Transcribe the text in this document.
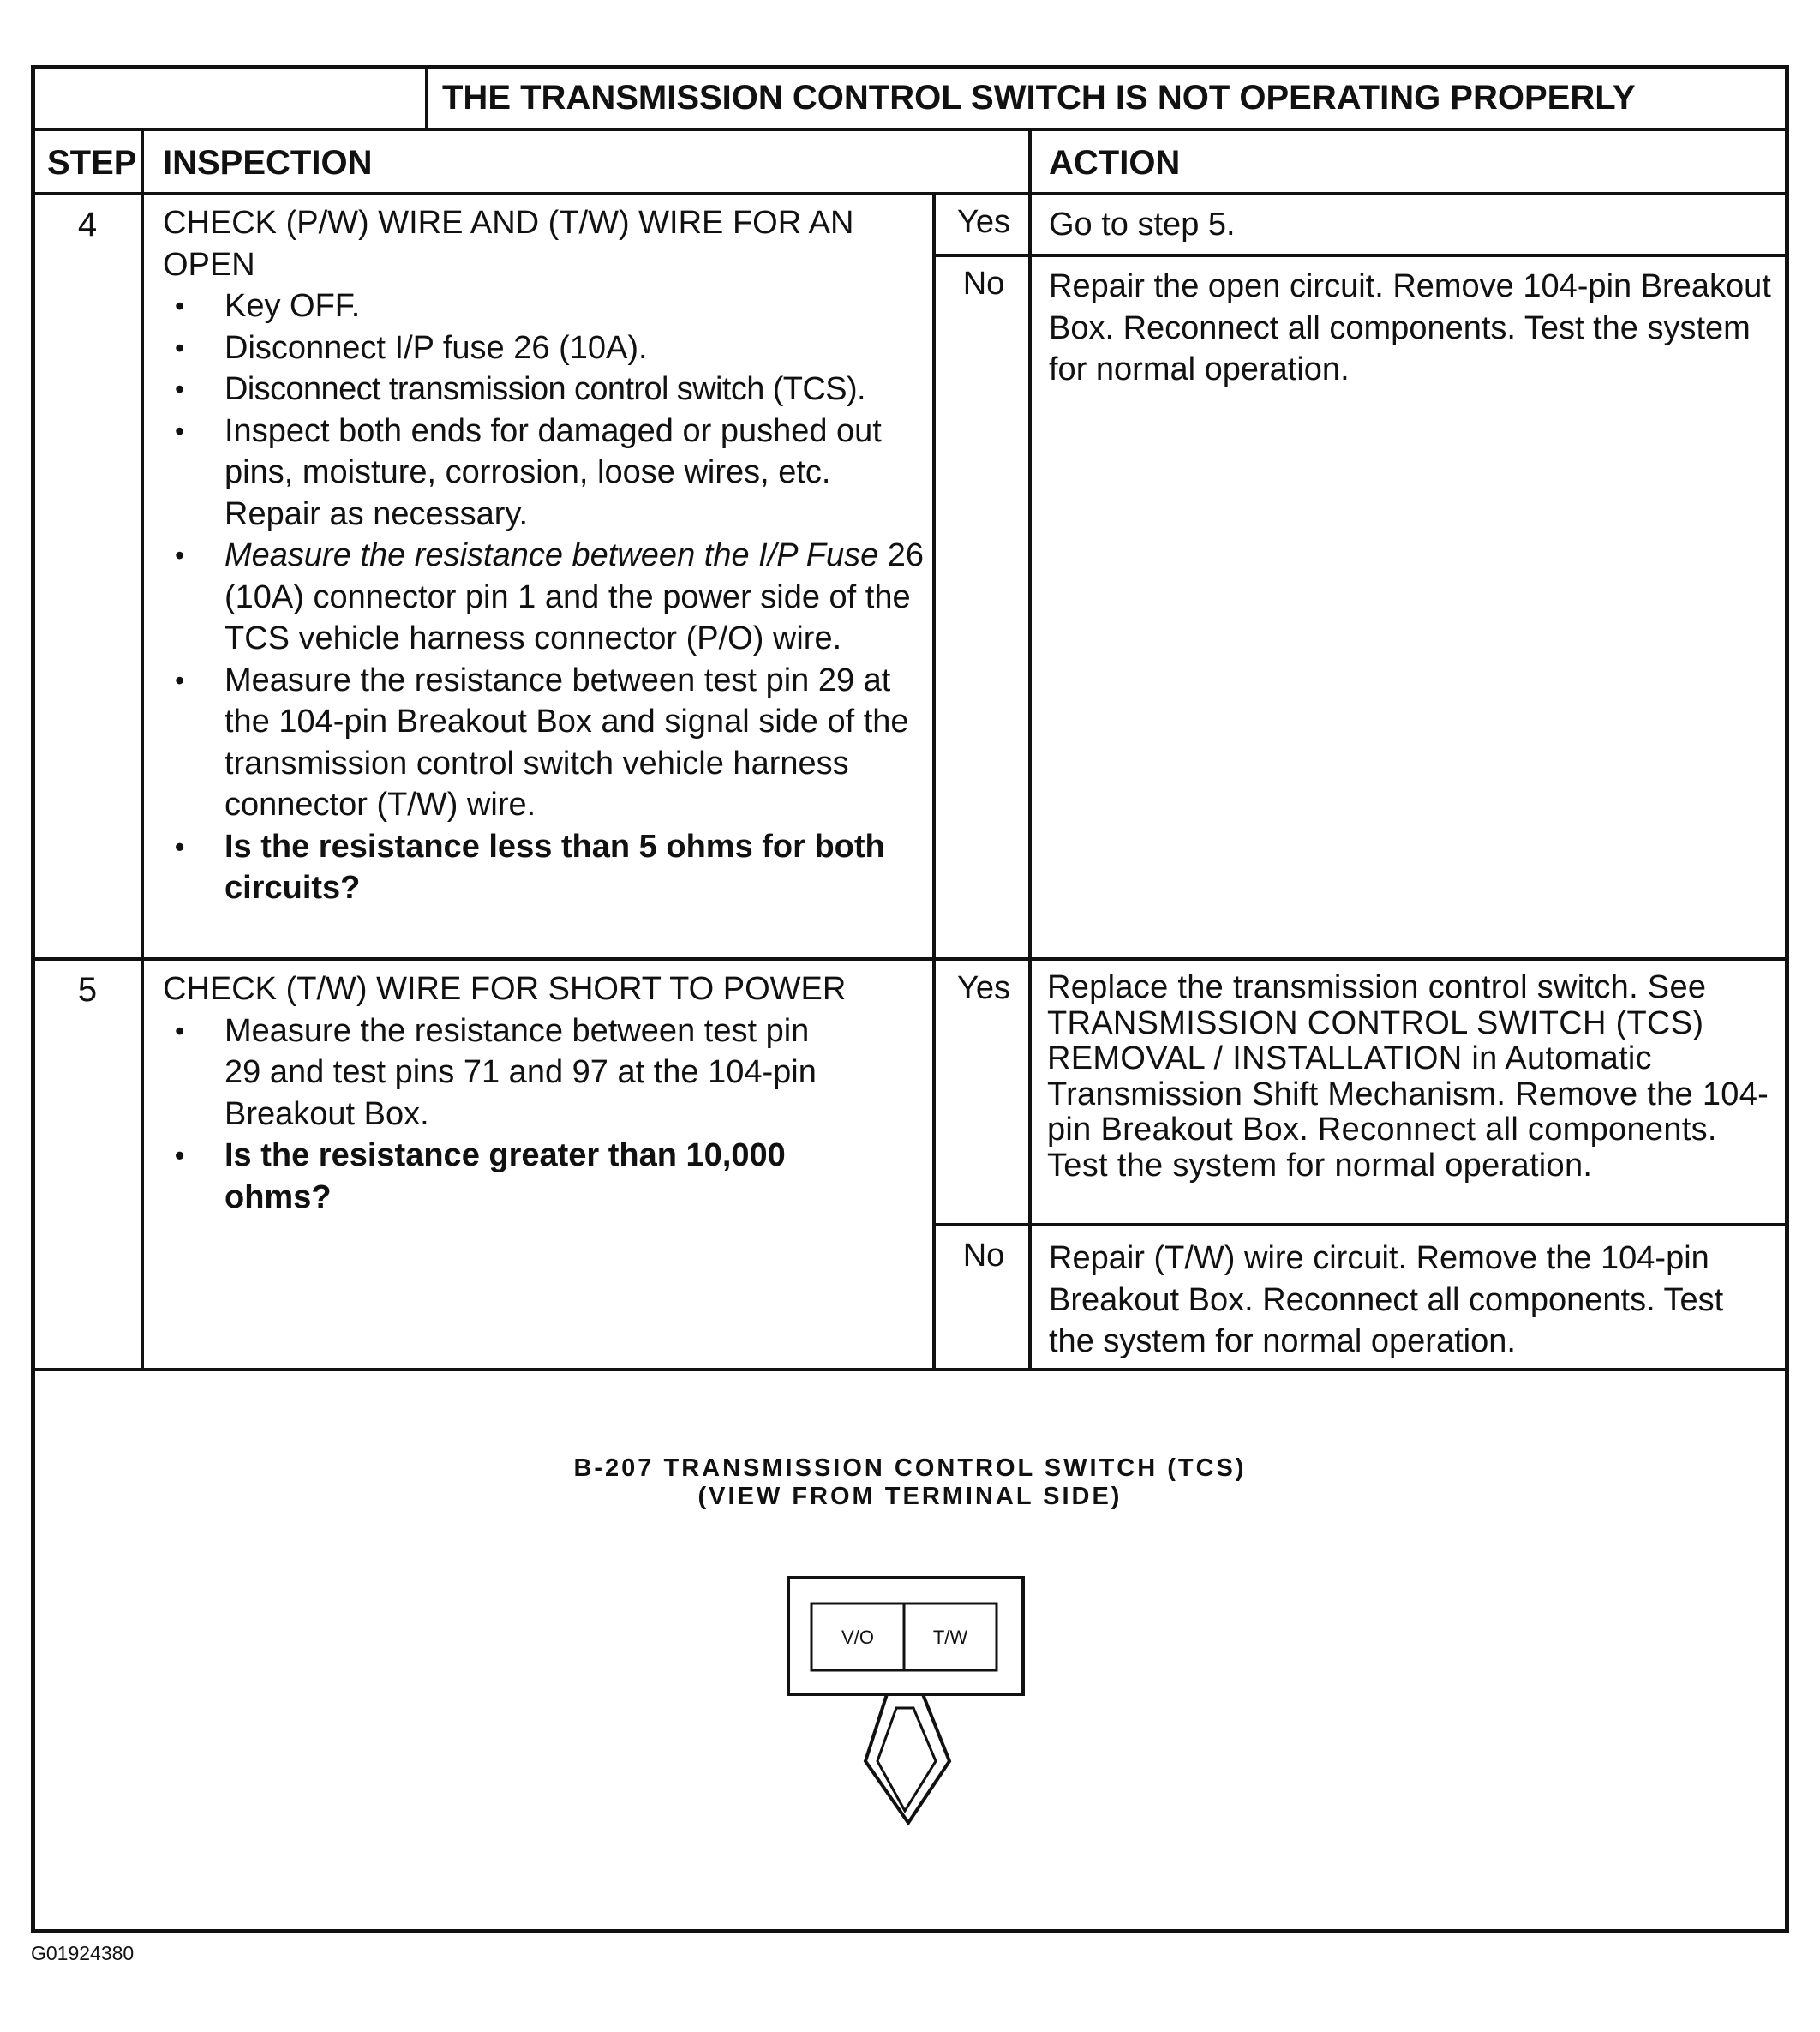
THE TRANSMISSION CONTROL SWITCH IS NOT OPERATING PROPERLY
STEP INSPECTION	ACTION
4	CHECK (P/W) WIRE AND (T/W) WIRE FOR AN OPEN
• Key OFF.
• Disconnect I/P fuse 26 (10A).
• Disconnect transmission control switch (TCS).
• Inspect both ends for damaged or pushed out pins, moisture, corrosion, loose wires, etc. Repair as necessary.
• Measure the resistance between the I/P Fuse 26 (10A) connector pin 1 and the power side of the TCS vehicle harness connector (P/O) wire.
• Measure the resistance between test pin 29 at the 104-pin Breakout Box and signal side of the transmission control switch vehicle harness connector (T/W) wire.
• Is the resistance less than 5 ohms for both circuits?
Yes	Go to step 5.
No	Repair the open circuit. Remove 104-pin Breakout Box. Reconnect all components. Test the system for normal operation.
5	CHECK (T/W) WIRE FOR SHORT TO POWER
• Measure the resistance between test pin 29 and test pins 71 and 97 at the 104-pin Breakout Box.
• Is the resistance greater than 10,000 ohms?
Yes	Replace the transmission control switch. See TRANSMISSION CONTROL SWITCH (TCS) REMOVAL / INSTALLATION in Automatic Transmission Shift Mechanism. Remove the 104-pin Breakout Box. Reconnect all components. Test the system for normal operation.
No	Repair (T/W) wire circuit. Remove the 104-pin Breakout Box. Reconnect all components. Test the system for normal operation.
B-207 TRANSMISSION CONTROL SWITCH (TCS)
(VIEW FROM TERMINAL SIDE)
V/O	T/W
G01924380
